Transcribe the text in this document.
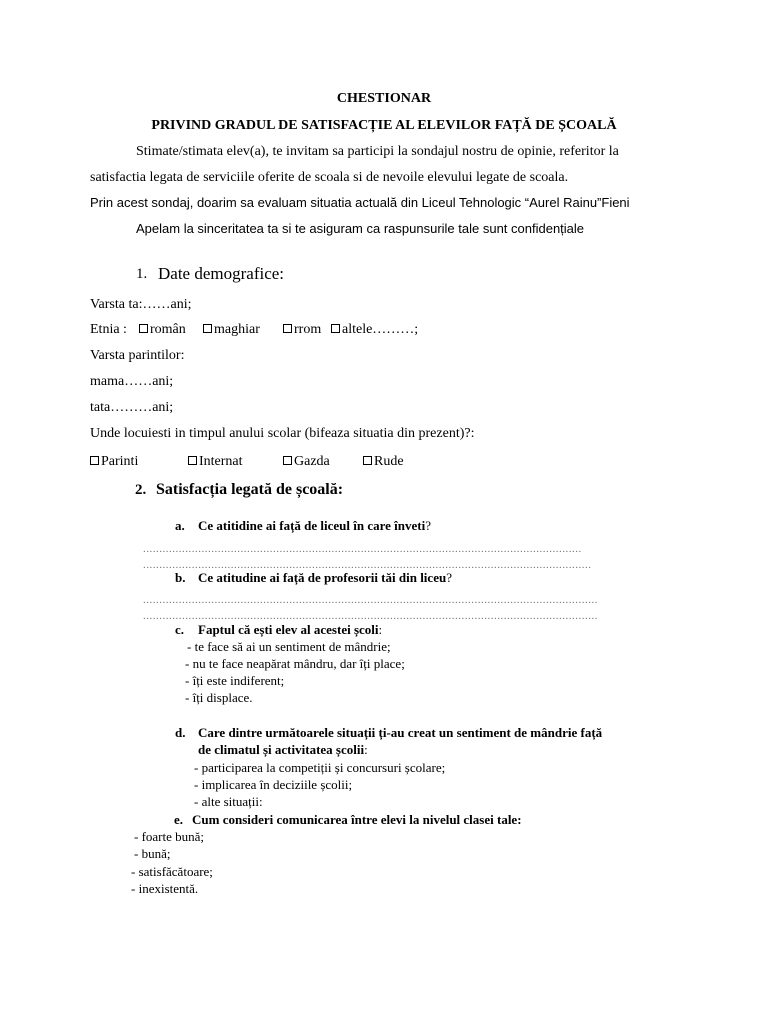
CHESTIONAR
PRIVIND GRADUL DE SATISFACȚIE AL ELEVILOR FAȚĂ DE ȘCOALĂ
Stimate/stimata elev(a), te invitam sa participi la sondajul nostru de opinie, referitor la
satisfactia legata de serviciile oferite de scoala si de nevoile elevului legate de scoala.
Prin acest sondaj, doarim sa evaluam situatia actuală din Liceul Tehnologic “Aurel Rainu”Fieni
Apelam la sinceritatea ta si te asiguram ca raspunsurile tale sunt confidențiale
1. Date demografice:
Varsta ta:……ani;
Etnia :	român	maghiar	rrom	altele………;
Varsta parintilor:
mama……ani;
tata………ani;
Unde locuiesti in timpul anului scolar (bifeaza situatia din prezent)?:
Parinti	Internat	Gazda	Rude
2. Satisfacția legată de școală:
a. Ce atitidine ai față de liceul în care înveti?
.......................................................................................................................................
..........................................................................................................................................
b. Ce atitudine ai față de profesorii tăi din liceu?
............................................................................................................................................
............................................................................................................................................
c. Faptul că ești elev al acestei școli:
- te face să ai un sentiment de mândrie;
- nu te face neapărat mândru, dar îți place;
- îți este indiferent;
- îți displace.
d. Care dintre următoarele situații ți-au creat un sentiment de mândrie față
de climatul și activitatea școlii:
- participarea la competiții și concursuri școlare;
- implicarea în deciziile școlii;
- alte situații:
e. Cum consideri comunicarea între elevi la nivelul clasei tale:
- foarte bună;
- bună;
- satisfăcătoare;
- inexistentă.
